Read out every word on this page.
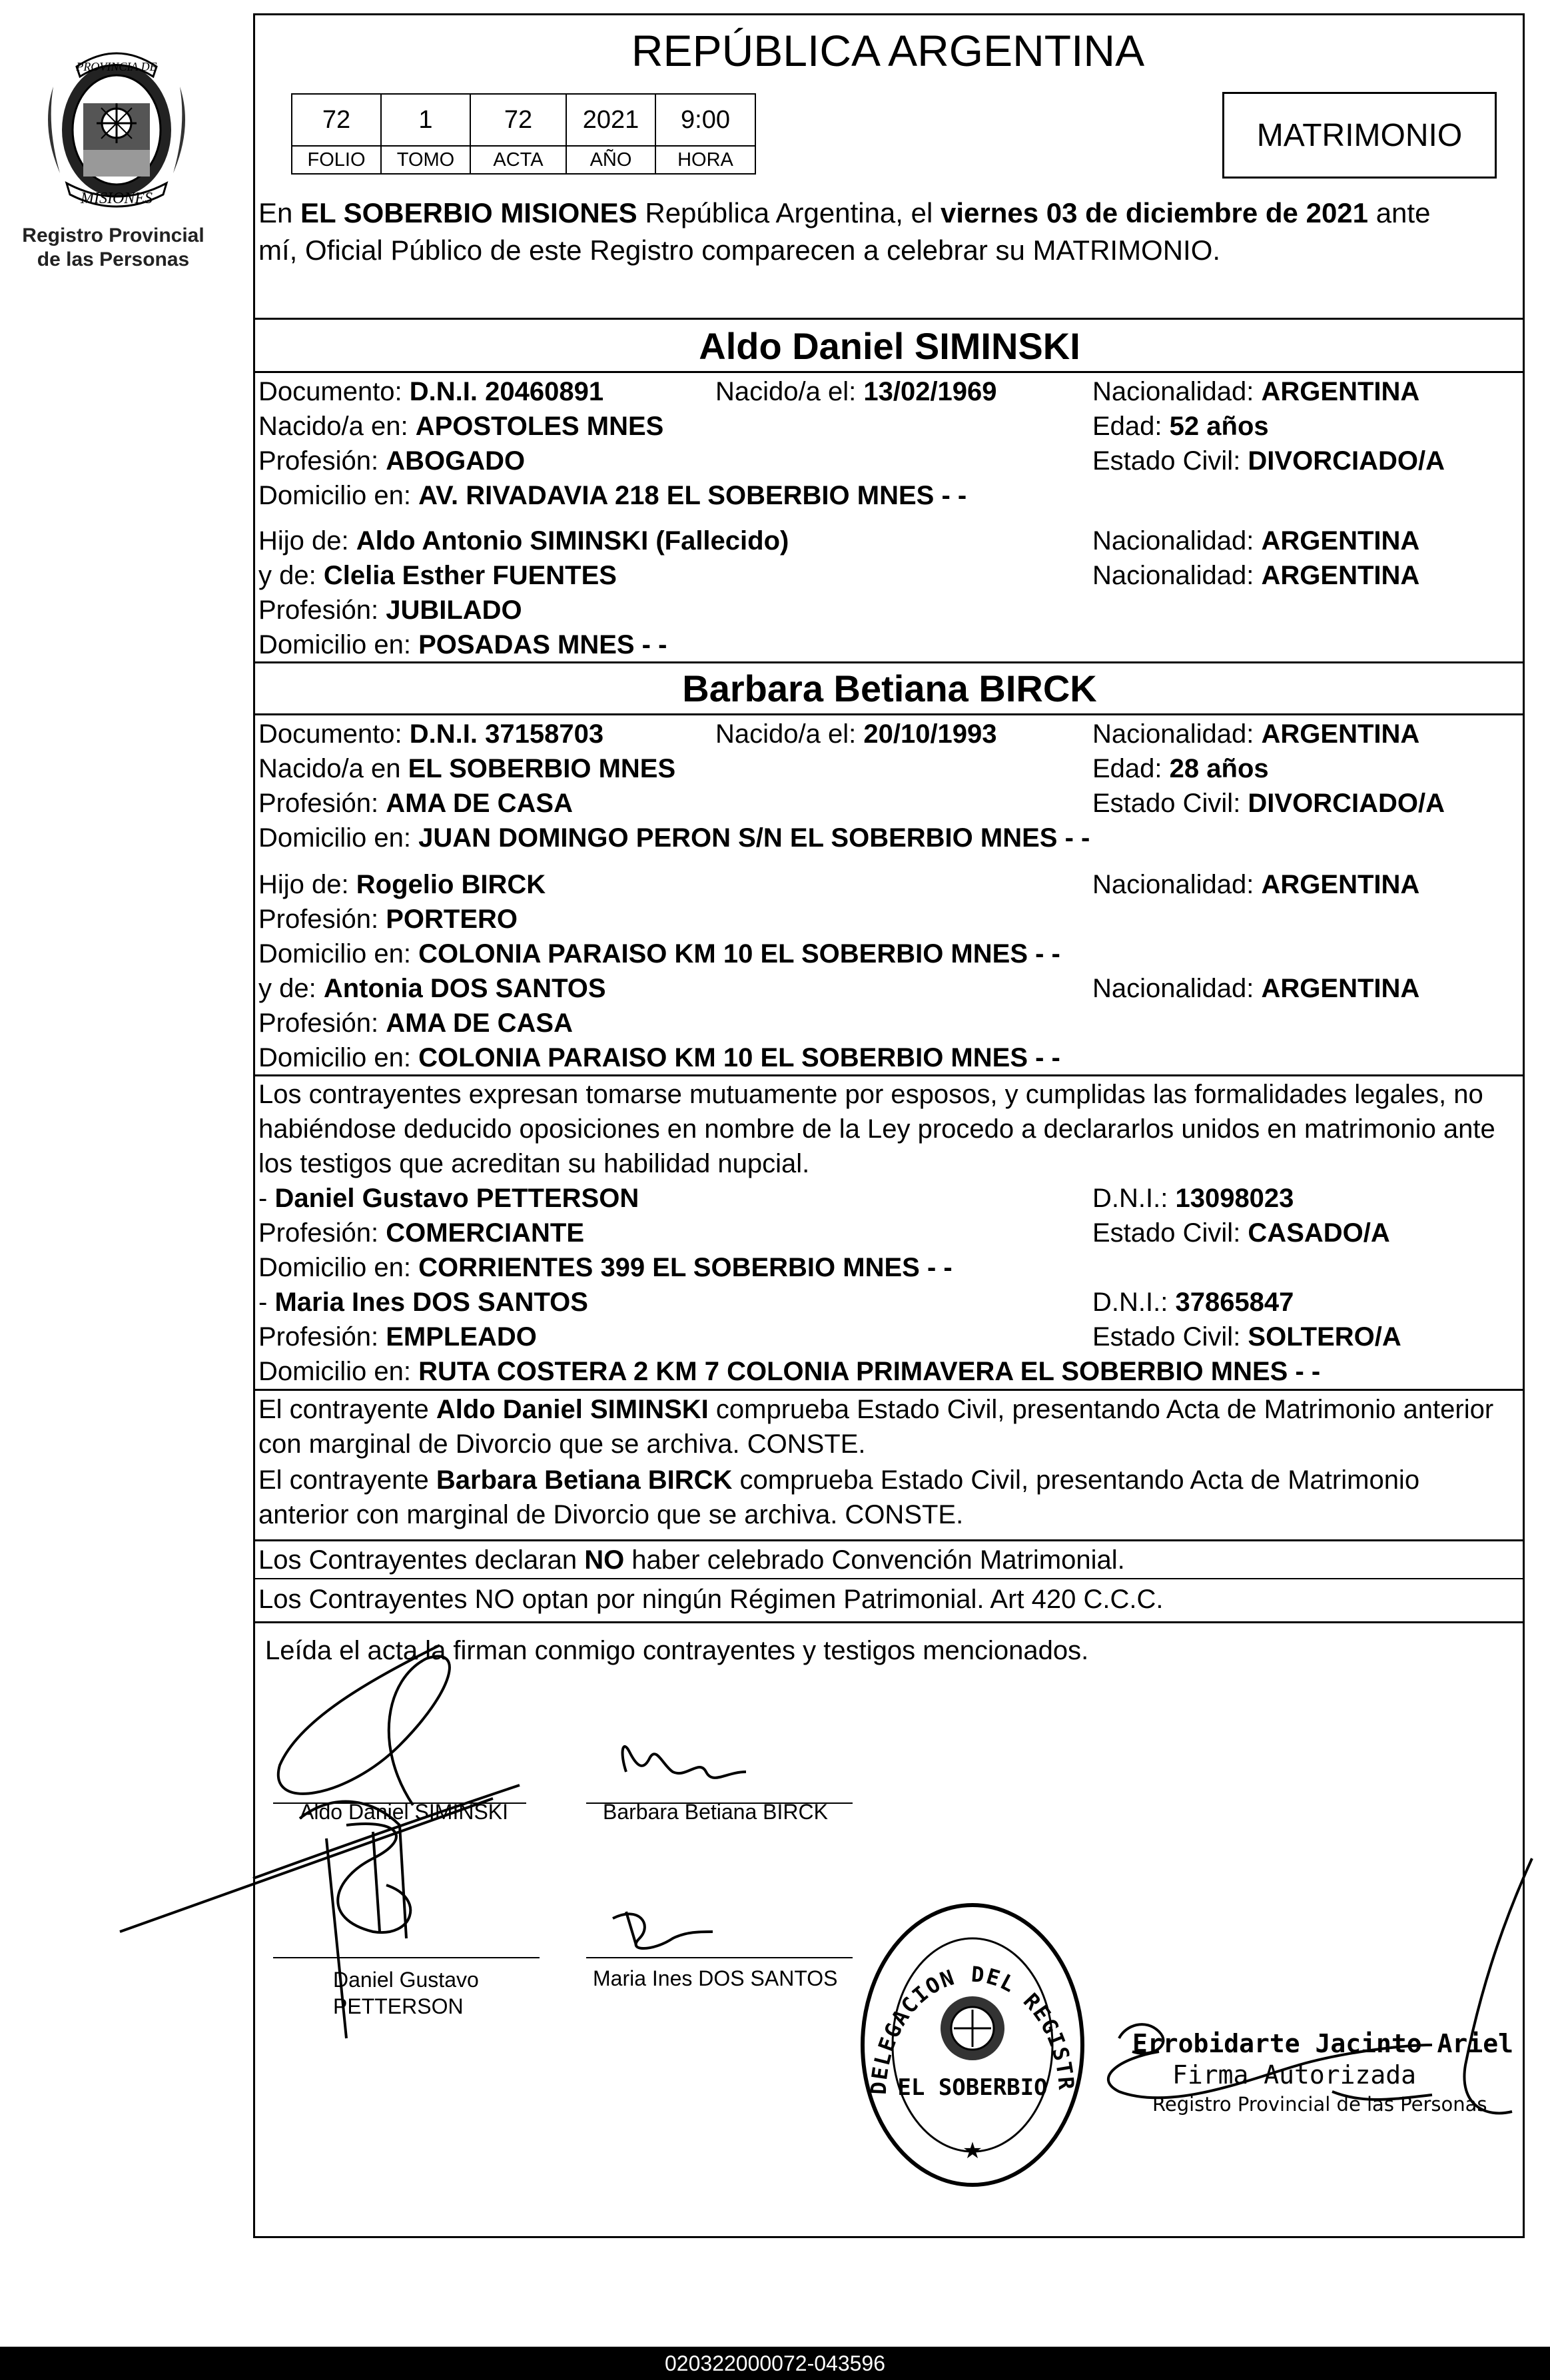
PROVINCIA DE
MISIONES
Registro Provincial
de las Personas
REPÚBLICA ARGENTINA
72	1	72	2021	9:00
FOLIO	TOMO	ACTA	AÑO	HORA
MATRIMONIO
En EL SOBERBIO MISIONES República Argentina, el viernes 03 de diciembre de 2021 ante
mí, Oficial Público de este Registro comparecen a celebrar su MATRIMONIO.
Aldo Daniel SIMINSKI
Documento: D.N.I. 20460891	Nacido/a el: 13/02/1969	Nacionalidad: ARGENTINA
Nacido/a en: APOSTOLES MNES	Edad: 52 años
Profesión: ABOGADO	Estado Civil: DIVORCIADO/A
Domicilio en: AV. RIVADAVIA 218 EL SOBERBIO MNES - -
Hijo de: Aldo Antonio SIMINSKI (Fallecido)	Nacionalidad: ARGENTINA
y de: Clelia Esther FUENTES	Nacionalidad: ARGENTINA
Profesión: JUBILADO
Domicilio en: POSADAS MNES - -
Barbara Betiana BIRCK
Documento: D.N.I. 37158703	Nacido/a el: 20/10/1993	Nacionalidad: ARGENTINA
Nacido/a en EL SOBERBIO MNES	Edad: 28 años
Profesión: AMA DE CASA	Estado Civil: DIVORCIADO/A
Domicilio en: JUAN DOMINGO PERON S/N EL SOBERBIO MNES - -
Hijo de: Rogelio BIRCK	Nacionalidad: ARGENTINA
Profesión: PORTERO
Domicilio en: COLONIA PARAISO KM 10 EL SOBERBIO MNES - -
y de: Antonia DOS SANTOS	Nacionalidad: ARGENTINA
Profesión: AMA DE CASA
Domicilio en: COLONIA PARAISO KM 10 EL SOBERBIO MNES - -
Los contrayentes expresan tomarse mutuamente por esposos, y cumplidas las formalidades legales, no
habiéndose deducido oposiciones en nombre de la Ley procedo a declararlos unidos en matrimonio ante
los testigos que acreditan su habilidad nupcial.
- Daniel Gustavo PETTERSON	D.N.I.: 13098023
Profesión: COMERCIANTE	Estado Civil: CASADO/A
Domicilio en: CORRIENTES 399 EL SOBERBIO MNES - -
- Maria Ines DOS SANTOS	D.N.I.: 37865847
Profesión: EMPLEADO	Estado Civil: SOLTERO/A
Domicilio en: RUTA COSTERA 2 KM 7 COLONIA PRIMAVERA EL SOBERBIO MNES - -
El contrayente Aldo Daniel SIMINSKI comprueba Estado Civil, presentando Acta de Matrimonio anterior
con marginal de Divorcio que se archiva. CONSTE.
El contrayente Barbara Betiana BIRCK comprueba Estado Civil, presentando Acta de Matrimonio
anterior con marginal de Divorcio que se archiva. CONSTE.
Los Contrayentes declaran NO haber celebrado Convención Matrimonial.
Los Contrayentes NO optan por ningún Régimen Patrimonial. Art 420 C.C.C.
Leída el acta la firman conmigo contrayentes y testigos mencionados.
Aldo Daniel SIMINSKI	Barbara Betiana BIRCK
Daniel Gustavo
PETTERSON
Maria Ines DOS SANTOS
DELEGACION DEL REGISTR
EL SOBERBIO
★
Errobidarte Jacinto Ariel
Firma Autorizada
Registro Provincial de las Personas
020322000072-043596
